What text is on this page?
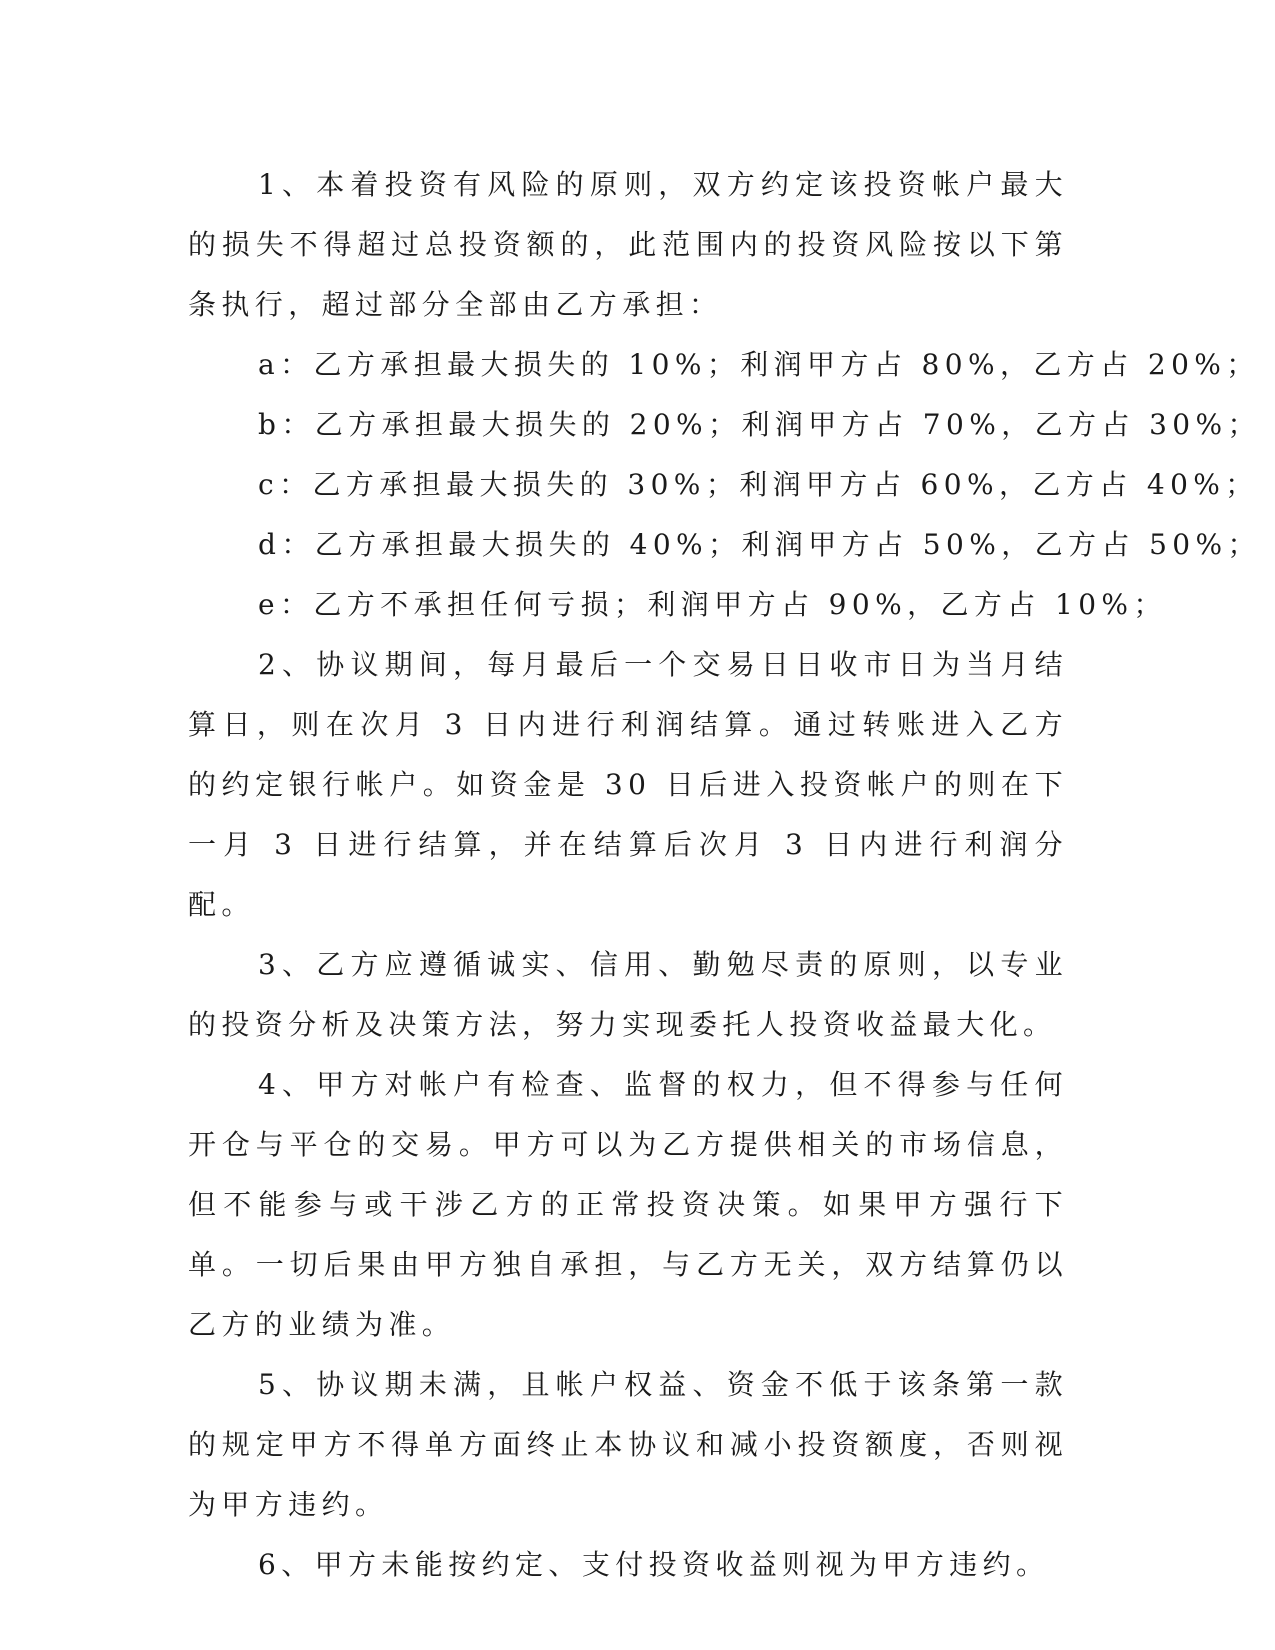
1、本着投资有风险的原则，双方约定该投资帐户最大的损失不得超过总投资额的，此范围内的投资风险按以下第条执行，超过部分全部由乙方承担：

a：乙方承担最大损失的 10%；利润甲方占 80%，乙方占 20%；

b：乙方承担最大损失的 20%；利润甲方占 70%，乙方占 30%；

c：乙方承担最大损失的 30%；利润甲方占 60%，乙方占 40%；

d：乙方承担最大损失的 40%；利润甲方占 50%，乙方占 50%；

e：乙方不承担任何亏损；利润甲方占 90%，乙方占 10%；

2、协议期间，每月最后一个交易日日收市日为当月结算日，则在次月 3 日内进行利润结算。通过转账进入乙方的约定银行帐户。如资金是 30 日后进入投资帐户的则在下一月 3 日进行结算，并在结算后次月 3 日内进行利润分配。

3、乙方应遵循诚实、信用、勤勉尽责的原则，以专业的投资分析及决策方法，努力实现委托人投资收益最大化。

4、甲方对帐户有检查、监督的权力，但不得参与任何开仓与平仓的交易。甲方可以为乙方提供相关的市场信息，但不能参与或干涉乙方的正常投资决策。如果甲方强行下单。一切后果由甲方独自承担，与乙方无关，双方结算仍以乙方的业绩为准。

5、协议期未满，且帐户权益、资金不低于该条第一款的规定甲方不得单方面终止本协议和减小投资额度，否则视为甲方违约。

6、甲方未能按约定、支付投资收益则视为甲方违约。
